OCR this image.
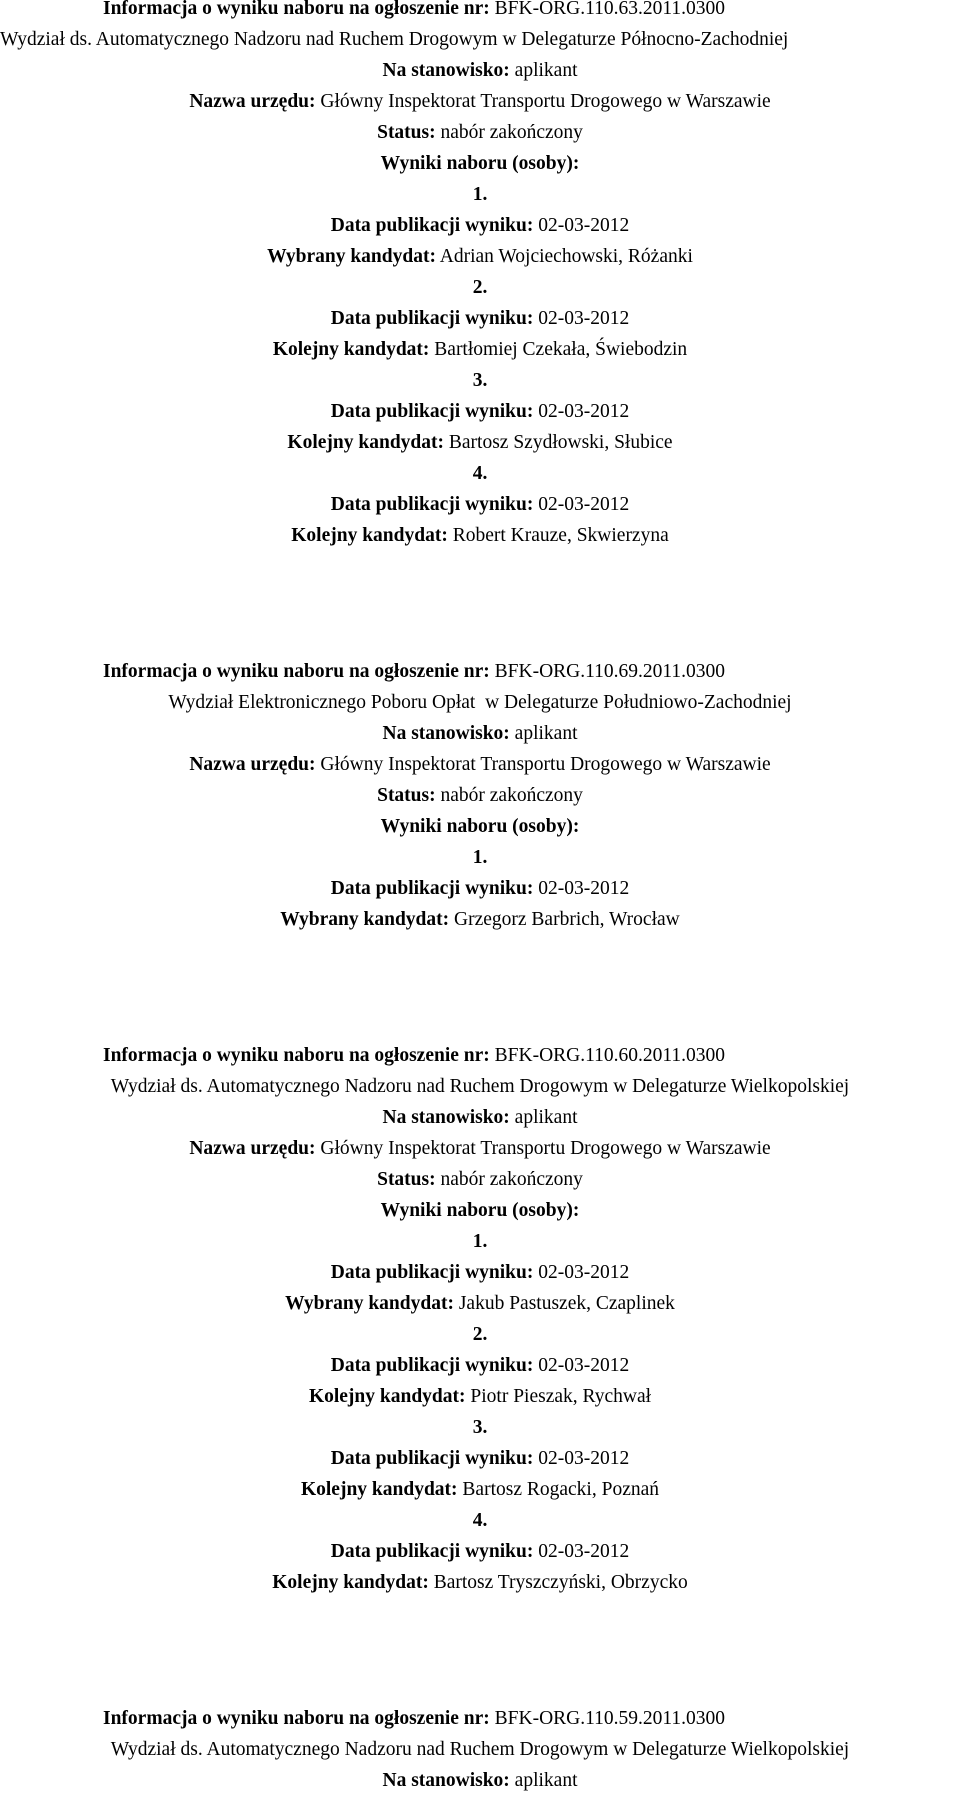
Informacja o wyniku naboru na ogłoszenie nr: BFK-ORG.110.63.2011.0300
Wydział ds. Automatycznego Nadzoru nad Ruchem Drogowym w Delegaturze Północno-Zachodniej
Na stanowisko: aplikant
Nazwa urzędu: Główny Inspektorat Transportu Drogowego w Warszawie
Status: nabór zakończony
Wyniki naboru (osoby):
1.
Data publikacji wyniku: 02-03-2012
Wybrany kandydat: Adrian Wojciechowski, Różanki
2.
Data publikacji wyniku: 02-03-2012
Kolejny kandydat: Bartłomiej Czekała, Świebodzin
3.
Data publikacji wyniku: 02-03-2012
Kolejny kandydat: Bartosz Szydłowski, Słubice
4.
Data publikacji wyniku: 02-03-2012
Kolejny kandydat: Robert Krauze, Skwierzyna
Informacja o wyniku naboru na ogłoszenie nr: BFK-ORG.110.69.2011.0300
Wydział Elektronicznego Poboru Opłat  w Delegaturze Południowo-Zachodniej
Na stanowisko: aplikant
Nazwa urzędu: Główny Inspektorat Transportu Drogowego w Warszawie
Status: nabór zakończony
Wyniki naboru (osoby):
1.
Data publikacji wyniku: 02-03-2012
Wybrany kandydat: Grzegorz Barbrich, Wrocław
Informacja o wyniku naboru na ogłoszenie nr: BFK-ORG.110.60.2011.0300
Wydział ds. Automatycznego Nadzoru nad Ruchem Drogowym w Delegaturze Wielkopolskiej
Na stanowisko: aplikant
Nazwa urzędu: Główny Inspektorat Transportu Drogowego w Warszawie
Status: nabór zakończony
Wyniki naboru (osoby):
1.
Data publikacji wyniku: 02-03-2012
Wybrany kandydat: Jakub Pastuszek, Czaplinek
2.
Data publikacji wyniku: 02-03-2012
Kolejny kandydat: Piotr Pieszak, Rychwał
3.
Data publikacji wyniku: 02-03-2012
Kolejny kandydat: Bartosz Rogacki, Poznań
4.
Data publikacji wyniku: 02-03-2012
Kolejny kandydat: Bartosz Tryszczyński, Obrzycko
Informacja o wyniku naboru na ogłoszenie nr: BFK-ORG.110.59.2011.0300
Wydział ds. Automatycznego Nadzoru nad Ruchem Drogowym w Delegaturze Wielkopolskiej
Na stanowisko: aplikant
